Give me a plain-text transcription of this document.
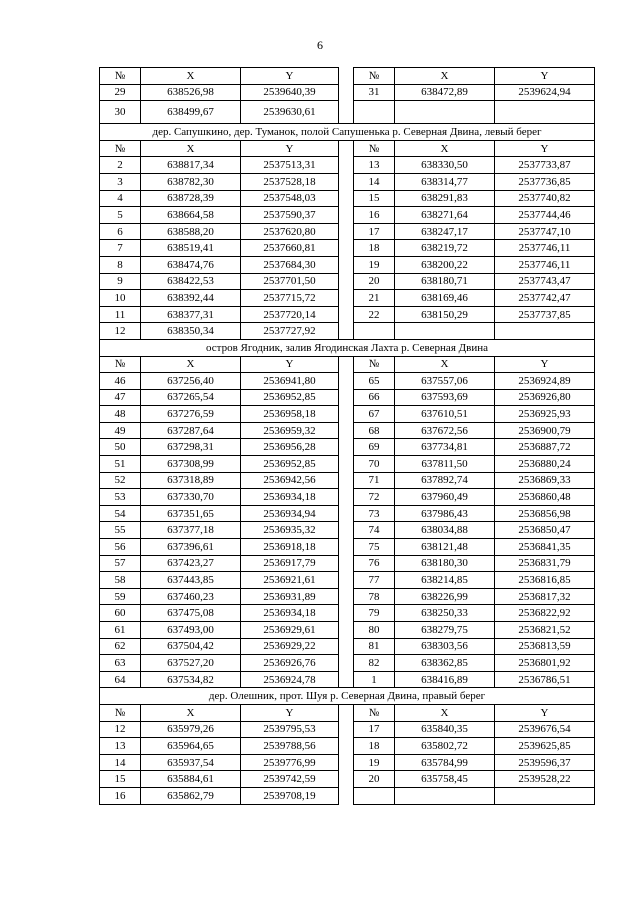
6
№	X	Y		№	X	Y
29	638526,98	2539640,39		31	638472,89	2539624,94
30	638499,67	2539630,61				
дер. Сапушкино, дер. Туманок, полой Сапушенька р. Северная Двина, левый берег						
№	X	Y		№	X	Y
2	638817,34	2537513,31		13	638330,50	2537733,87
3	638782,30	2537528,18		14	638314,77	2537736,85
4	638728,39	2537548,03		15	638291,83	2537740,82
5	638664,58	2537590,37		16	638271,64	2537744,46
6	638588,20	2537620,80		17	638247,17	2537747,10
7	638519,41	2537660,81		18	638219,72	2537746,11
8	638474,76	2537684,30		19	638200,22	2537746,11
9	638422,53	2537701,50		20	638180,71	2537743,47
10	638392,44	2537715,72		21	638169,46	2537742,47
11	638377,31	2537720,14		22	638150,29	2537737,85
12	638350,34	2537727,92				
остров Ягодник, залив Ягодинская Лахта р. Северная Двина						
№	X	Y		№	X	Y
46	637256,40	2536941,80		65	637557,06	2536924,89
47	637265,54	2536952,85		66	637593,69	2536926,80
48	637276,59	2536958,18		67	637610,51	2536925,93
49	637287,64	2536959,32		68	637672,56	2536900,79
50	637298,31	2536956,28		69	637734,81	2536887,72
51	637308,99	2536952,85		70	637811,50	2536880,24
52	637318,89	2536942,56		71	637892,74	2536869,33
53	637330,70	2536934,18		72	637960,49	2536860,48
54	637351,65	2536934,94		73	637986,43	2536856,98
55	637377,18	2536935,32		74	638034,88	2536850,47
56	637396,61	2536918,18		75	638121,48	2536841,35
57	637423,27	2536917,79		76	638180,30	2536831,79
58	637443,85	2536921,61		77	638214,85	2536816,85
59	637460,23	2536931,89		78	638226,99	2536817,32
60	637475,08	2536934,18		79	638250,33	2536822,92
61	637493,00	2536929,61		80	638279,75	2536821,52
62	637504,42	2536929,22		81	638303,56	2536813,59
63	637527,20	2536926,76		82	638362,85	2536801,92
64	637534,82	2536924,78		1	638416,89	2536786,51
дер. Олешник, прот. Шуя р. Северная Двина, правый берег						
№	X	Y		№	X	Y
12	635979,26	2539795,53		17	635840,35	2539676,54
13	635964,65	2539788,56		18	635802,72	2539625,85
14	635937,54	2539776,99		19	635784,99	2539596,37
15	635884,61	2539742,59		20	635758,45	2539528,22
16	635862,79	2539708,19				
